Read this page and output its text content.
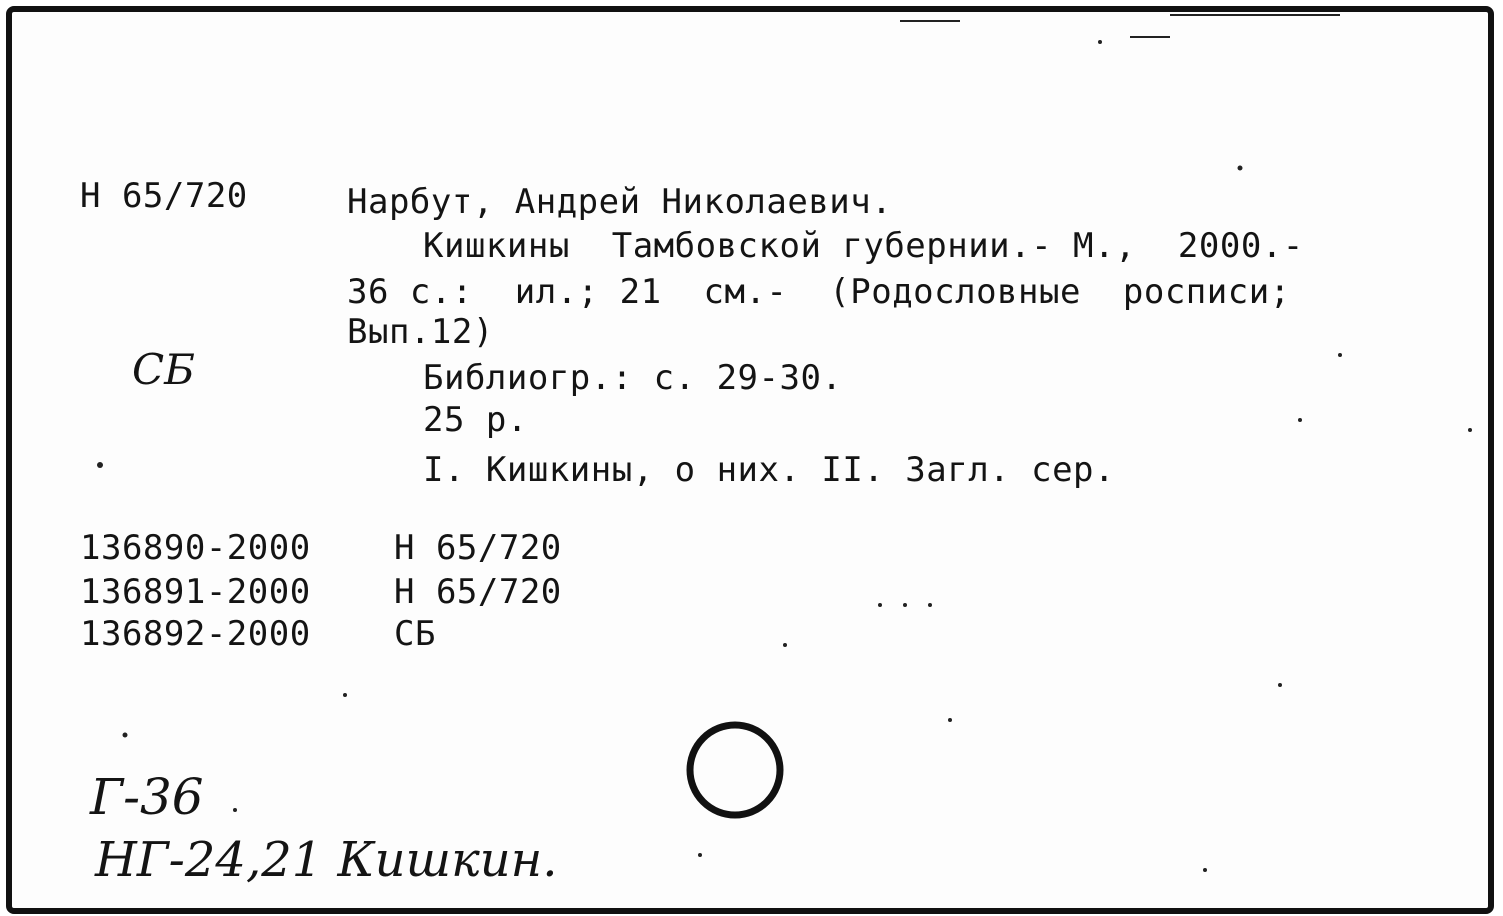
Н 65/720	Нарбут, Андрей Николаевич.

Кишкины  Тамбовской губернии.- М.,  2000.-

36 с.:  ил.; 21  см.-  (Родословные  росписи;

Вып.12)

Библиогр.: с. 29-30.

25 р.

I. Кишкины, о них. II. Загл. сер.

136890-2000 Н 65/720

136891-2000 Н 65/720

136892-2000 СБ

СБ

Г-36

НГ-24,21 Кишкин.
